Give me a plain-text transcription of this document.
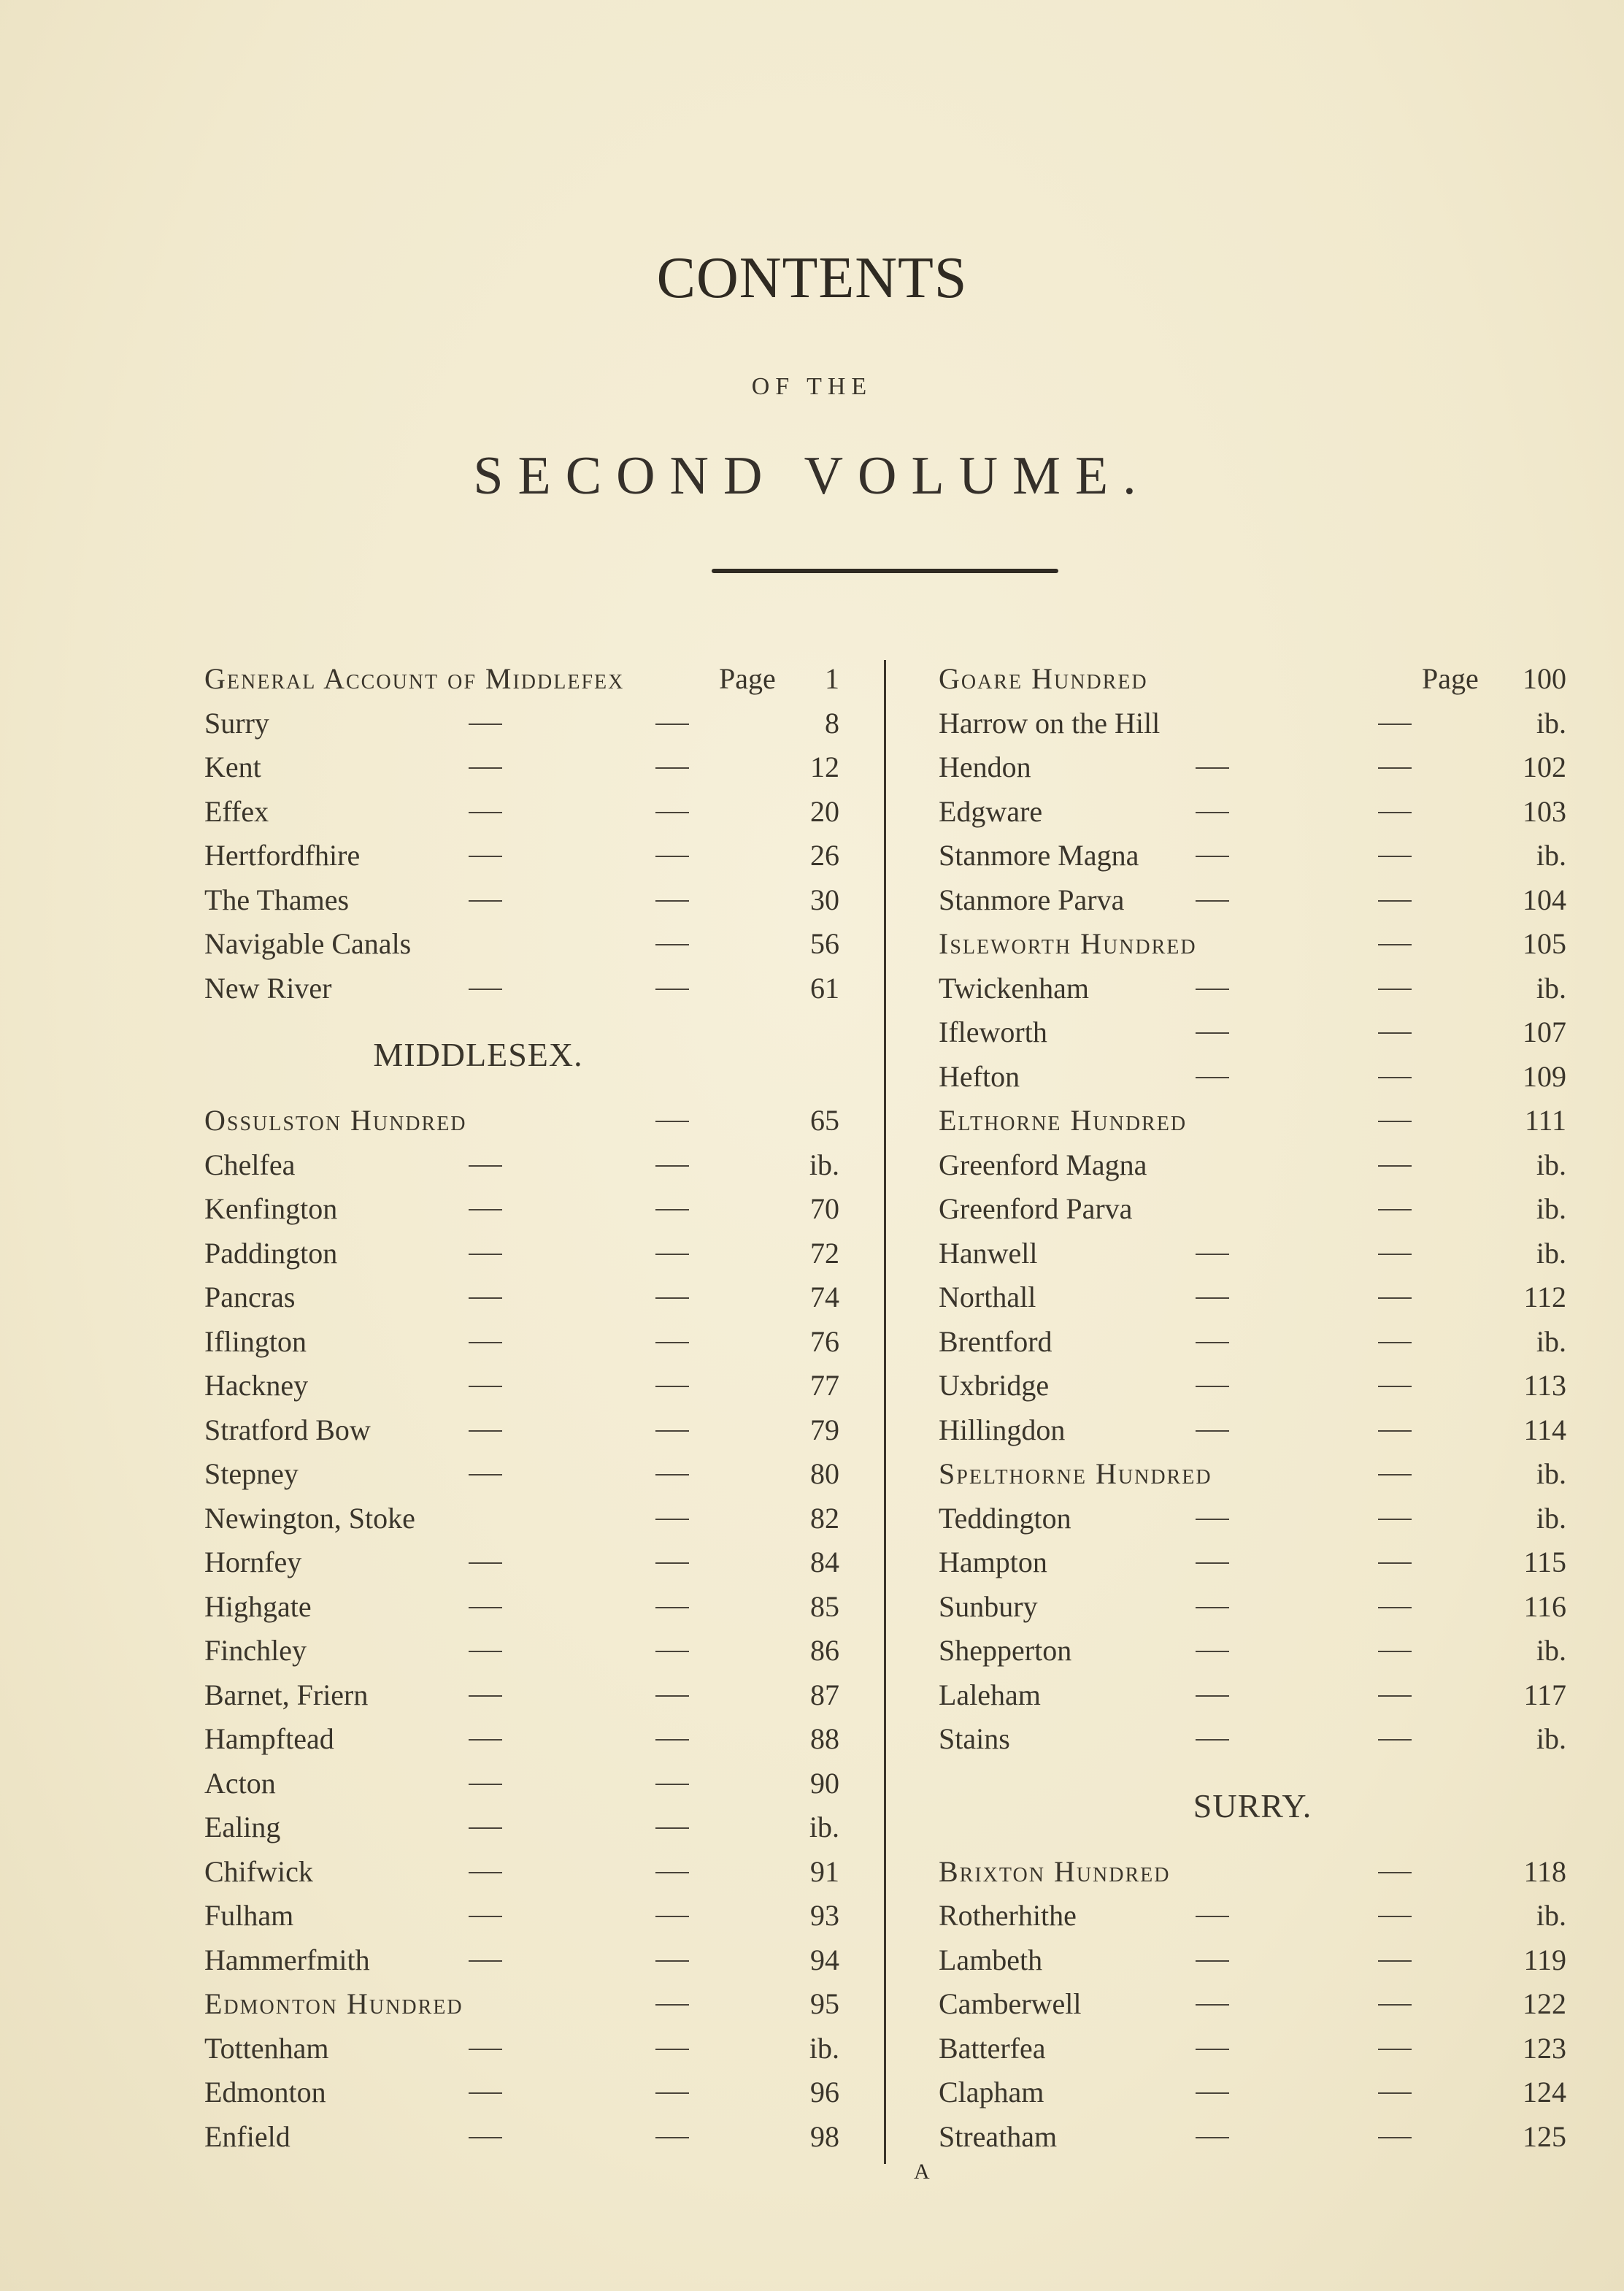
CONTENTS
OF THE
SECOND VOLUME.
General Account of Middlefex	Page 1
Surry	8
Kent	12
Effex	20
Hertfordfhire	26
The Thames	30
Navigable Canals	56
New River	61
MIDDLESEX.
Ossulston Hundred	65
Chelfea	ib.
Kenfington	70
Paddington	72
Pancras	74
Iflington	76
Hackney	77
Stratford Bow	79
Stepney	80
Newington, Stoke	82
Hornfey	84
Highgate	85
Finchley	86
Barnet, Friern	87
Hampftead	88
Acton	90
Ealing	ib.
Chifwick	91
Fulham	93
Hammerfmith	94
Edmonton Hundred	95
Tottenham	ib.
Edmonton	96
Enfield	98
Goare Hundred	Page 100
Harrow on the Hill	ib.
Hendon	102
Edgware	103
Stanmore Magna	ib.
Stanmore Parva	104
Isleworth Hundred	105
Twickenham	ib.
Ifleworth	107
Hefton	109
Elthorne Hundred	111
Greenford Magna	ib.
Greenford Parva	ib.
Hanwell	ib.
Northall	112
Brentford	ib.
Uxbridge	113
Hillingdon	114
Spelthorne Hundred	ib.
Teddington	ib.
Hampton	115
Sunbury	116
Shepperton	ib.
Laleham	117
Stains	ib.
SURRY.
Brixton Hundred	118
Rotherhithe	ib.
Lambeth	119
Camberwell	122
Batterfea	123
Clapham	124
Streatham	125
A
